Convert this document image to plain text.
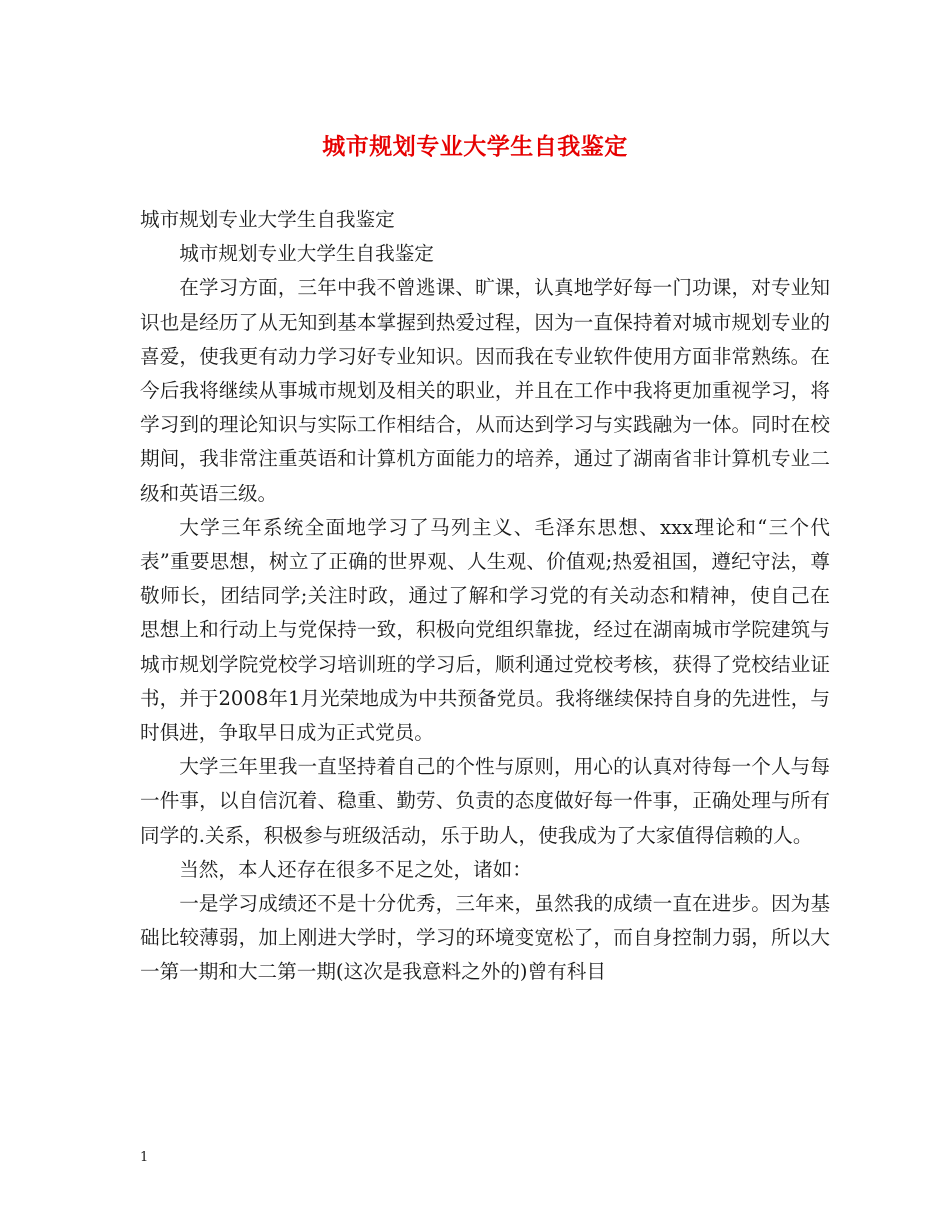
城市规划专业大学生自我鉴定

城市规划专业大学生自我鉴定

城市规划专业大学生自我鉴定

在学习方面，三年中我不曾逃课、旷课，认真地学好每一门功课，对专业知识也是经历了从无知到基本掌握到热爱过程，因为一直保持着对城市规划专业的喜爱，使我更有动力学习好专业知识。因而我在专业软件使用方面非常熟练。在今后我将继续从事城市规划及相关的职业，并且在工作中我将更加重视学习，将学习到的理论知识与实际工作相结合，从而达到学习与实践融为一体。同时在校期间，我非常注重英语和计算机方面能力的培养，通过了湖南省非计算机专业二级和英语三级。

大学三年系统全面地学习了马列主义、毛泽东思想、xxx理论和“三个代表”重要思想，树立了正确的世界观、人生观、价值观;热爱祖国，遵纪守法，尊敬师长，团结同学;关注时政，通过了解和学习党的有关动态和精神，使自己在思想上和行动上与党保持一致，积极向党组织靠拢，经过在湖南城市学院建筑与城市规划学院党校学习培训班的学习后，顺利通过党校考核，获得了党校结业证书，并于2008年1月光荣地成为中共预备党员。我将继续保持自身的先进性，与时俱进，争取早日成为正式党员。

大学三年里我一直坚持着自己的个性与原则，用心的认真对待每一个人与每一件事，以自信沉着、稳重、勤劳、负责的态度做好每一件事，正确处理与所有同学的.关系，积极参与班级活动，乐于助人，使我成为了大家值得信赖的人。

当然，本人还存在很多不足之处，诸如：

一是学习成绩还不是十分优秀，三年来，虽然我的成绩一直在进步。因为基础比较薄弱，加上刚进大学时，学习的环境变宽松了，而自身控制力弱，所以大一第一期和大二第一期(这次是我意料之外的)曾有科目

1
